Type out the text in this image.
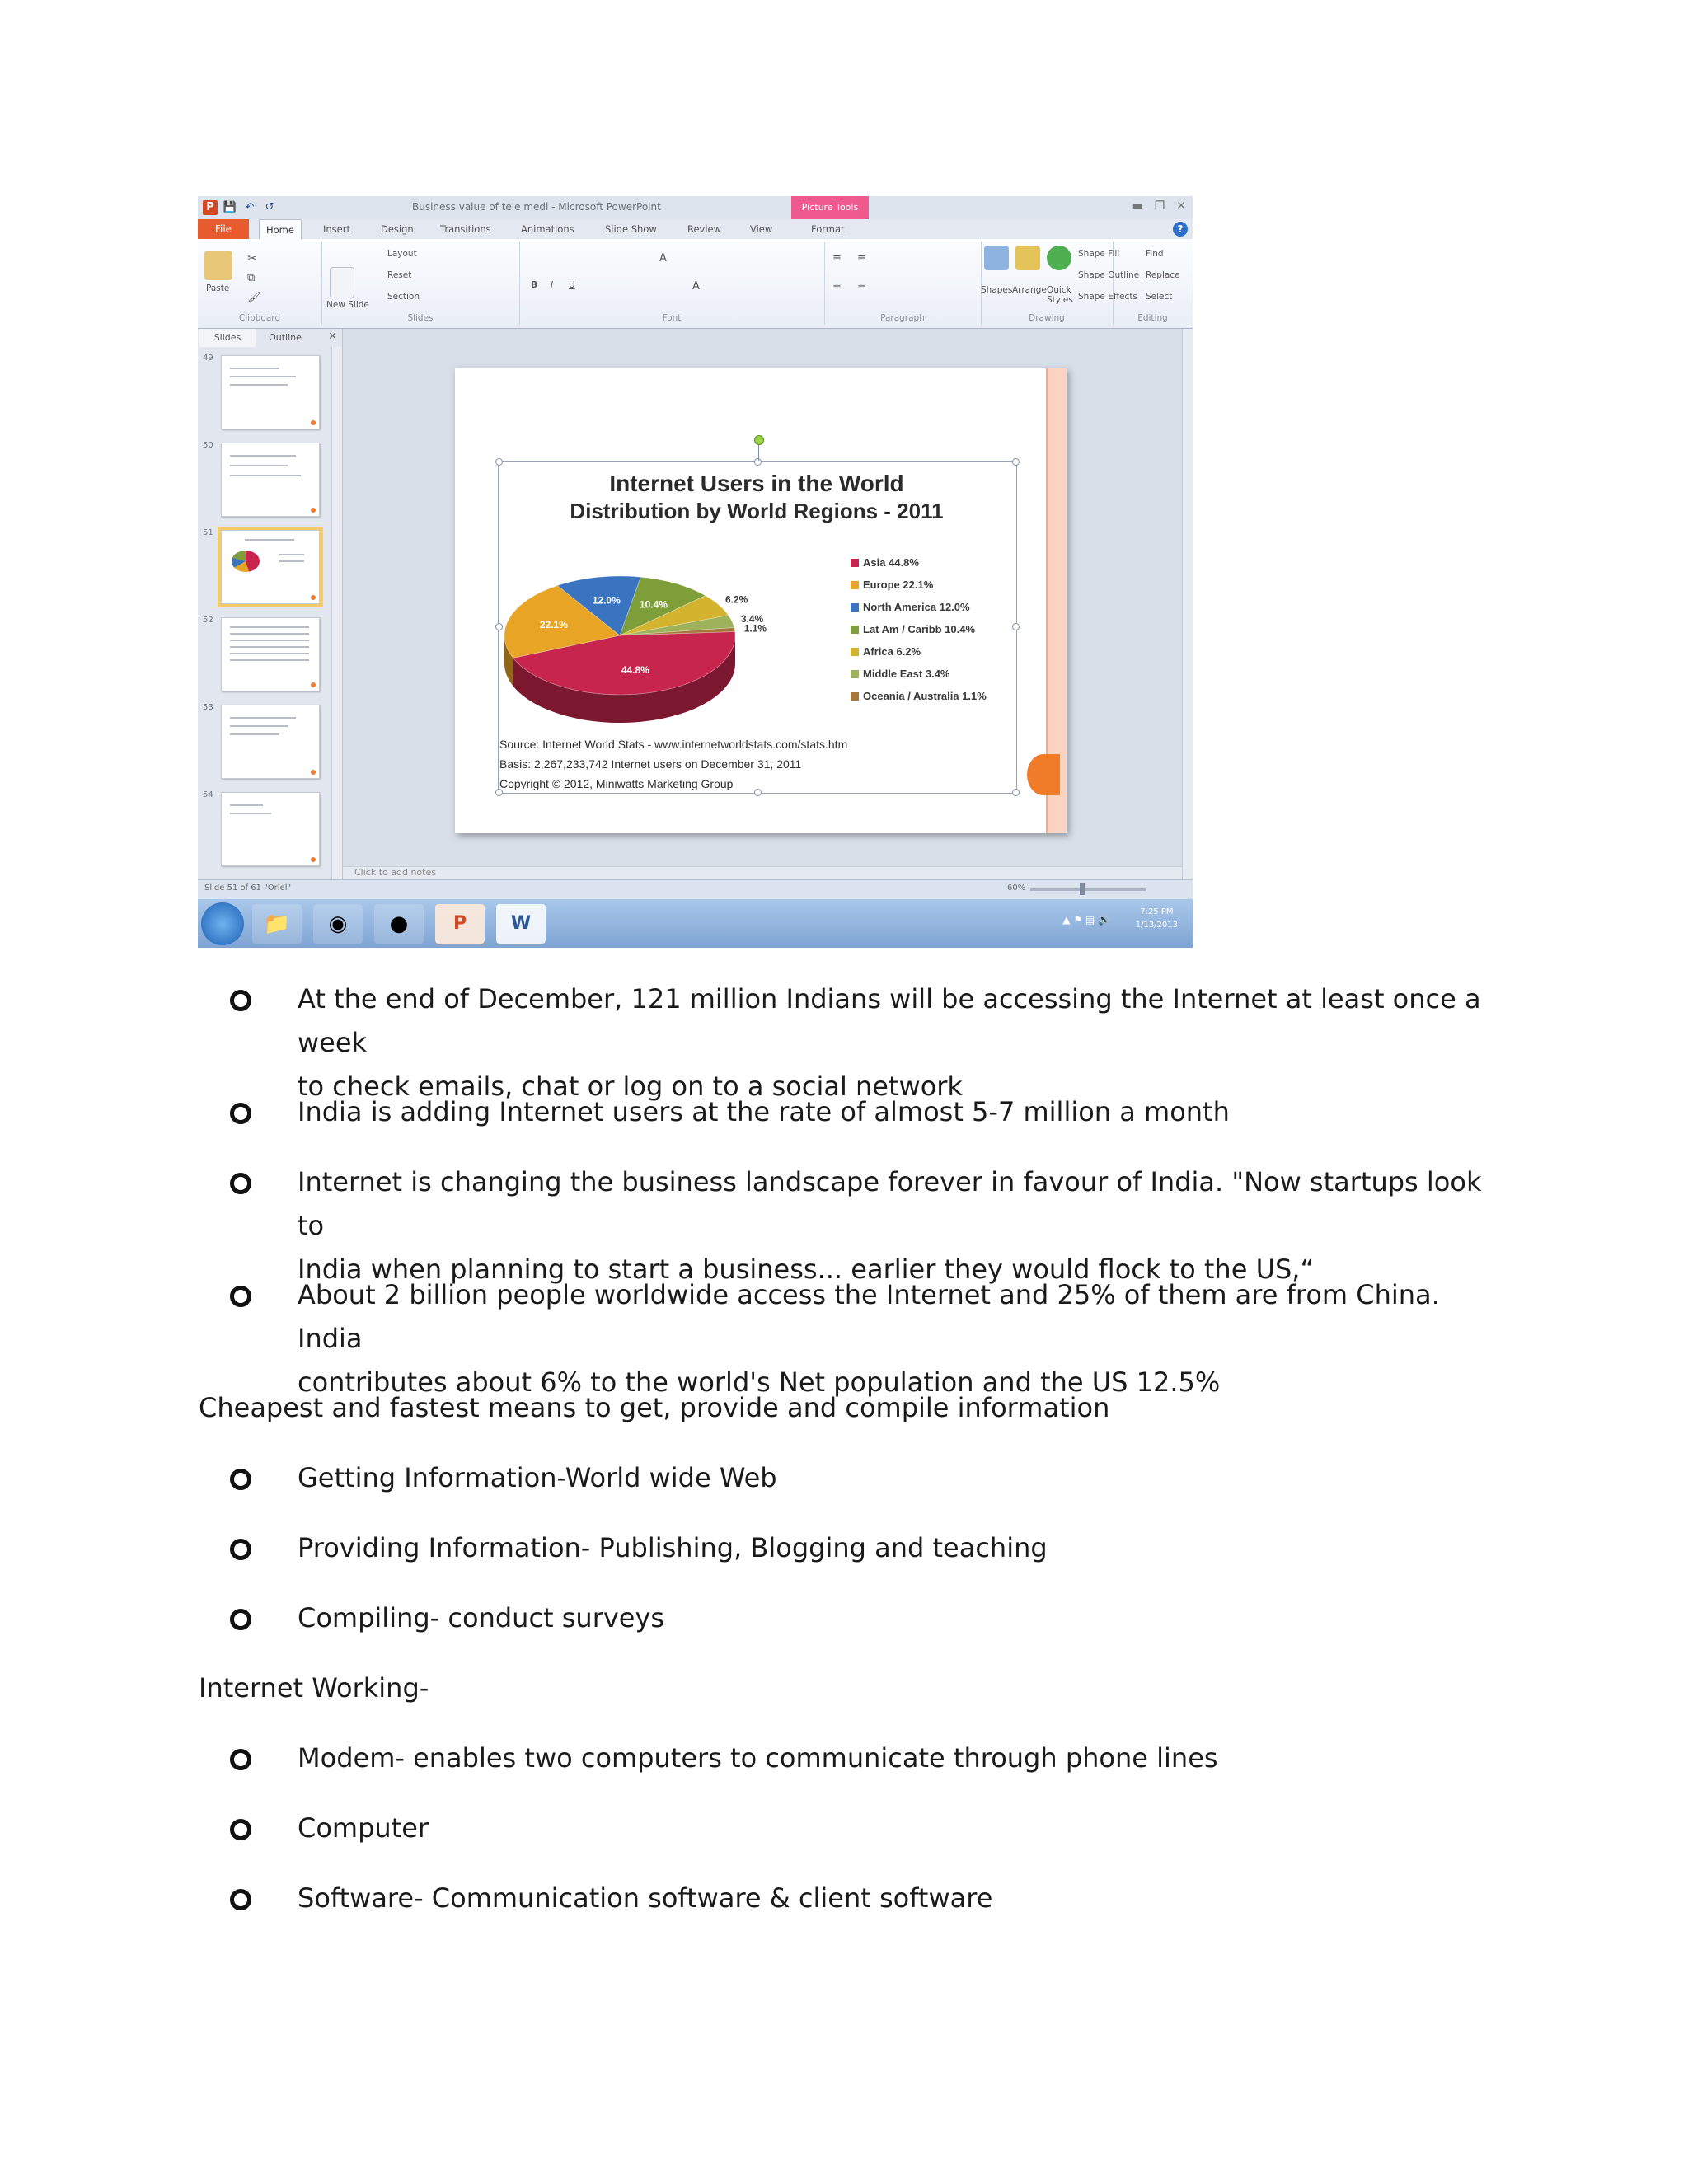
P 💾 ↶ ↺	Business value of tele medi - Microsoft PowerPoint	Picture Tools	▬ ❐ ✕
File	Home	Insert	Design	Transitions	Animations	Slide Show	Review	View	Format	?
Paste
✂
⧉
🖌
Clipboard
New Slide
Layout
Reset
Section
Slides
B I U
A
A
Font
≡ ≡
≡ ≡
Paragraph
Shapes Arrange Quick Styles
Shape Fill
Shape Outline
Shape Effects
Drawing
Find
Replace
Select
Editing
Slides	Outline	✕
49
50
51
52
53
54
Internet Users in the World
Distribution by World Regions - 2011
44.8%
22.1%
12.0% 10.4%	6.2%
3.4%
1.1%
Asia 44.8%
Europe 22.1%
North America 12.0%
Lat Am / Caribb 10.4%
Africa 6.2%
Middle East 3.4%
Oceania / Australia 1.1%
Source: Internet World Stats - www.internetworldstats.com/stats.htm
Basis: 2,267,233,742 Internet users on December 31, 2011
Copyright © 2012, Miniwatts Marketing Group
Click to add notes
Slide 51 of 61 "Oriel"	60%
📁	◉	●	P	W	▲ ⚑ ▤ 🔊
7:25 PM
1/13/2013
At the end of December, 121 million Indians will be accessing the Internet at least once a week
to check emails, chat or log on to a social network
India is adding Internet users at the rate of almost 5-7 million a month
Internet is changing the business landscape forever in favour of India. "Now startups look to
India when planning to start a business... earlier they would flock to the US,“
About 2 billion people worldwide access the Internet and 25% of them are from China. India
contributes about 6% to the world's Net population and the US 12.5%
Cheapest and fastest means to get, provide and compile information
Getting Information-World wide Web
Providing Information- Publishing, Blogging and teaching
Compiling- conduct surveys
Internet Working-
Modem- enables two computers to communicate through phone lines
Computer
Software- Communication software & client software
